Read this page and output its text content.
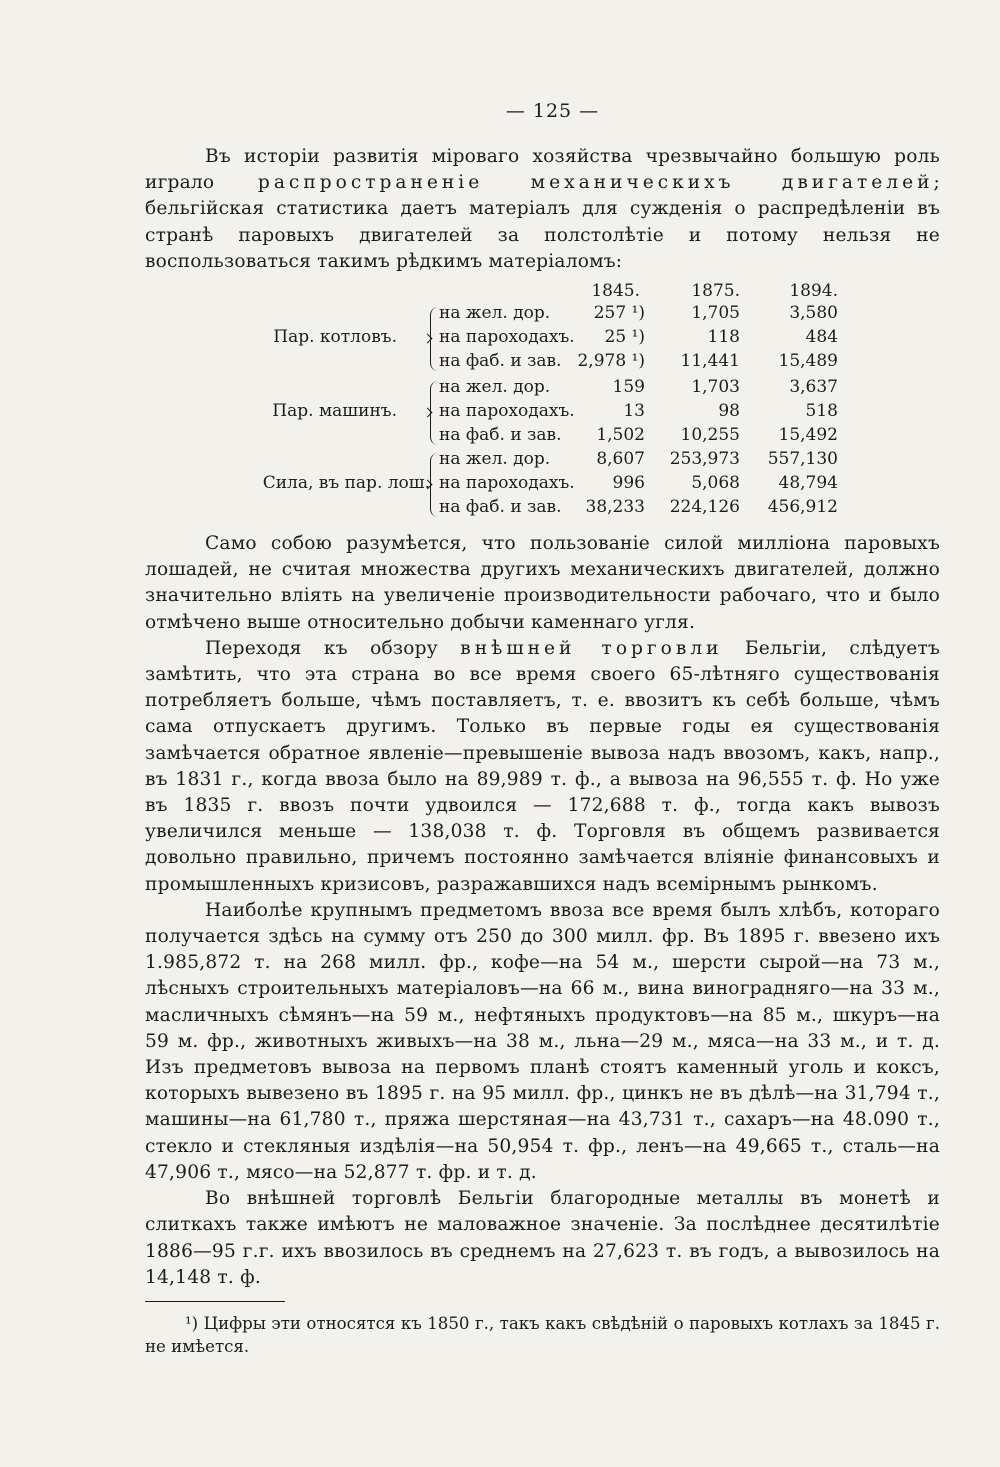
— 125 —

Въ исторіи развитія міроваго хозяйства чрезвычайно большую роль играло распространеніе механическихъ двигателей; бельгійская статистика даетъ матеріалъ для сужденія о распредѣленіи въ странѣ паровыхъ двигателей за полстолѣтіе и потому нельзя не воспользоваться такимъ рѣдкимъ матеріаломъ:

1845.	1875.	1894.
Пар. котловъ.
на жел. дор.	257 ¹)	1,705	3,580
на пароходахъ.	25 ¹)	118	484
на фаб. и зав. 2,978 ¹)	11,441	15,489
Пар. машинъ.
на жел. дор.	159	1,703	3,637
на пароходахъ.	13	98	518
на фаб. и зав.	1,502	10,255	15,492
Сила, въ пар. лош.
на жел. дор.	8,607	253,973	557,130
на пароходахъ.	996	5,068	48,794
на фаб. и зав.	38,233	224,126	456,912

Само собою разумѣется, что пользованіе силой милліона паровыхъ лошадей, не считая множества другихъ механическихъ двигателей, должно значительно вліять на увеличеніе производительности рабочаго, что и было отмѣчено выше относительно добычи каменнаго угля.

Переходя къ обзору внѣшней торговли Бельгіи, слѣдуетъ замѣтить, что эта страна во все время своего 65-лѣтняго существованія потребляетъ больше, чѣмъ поставляетъ, т. е. ввозитъ къ себѣ больше, чѣмъ сама отпускаетъ другимъ. Только въ первые годы ея существованія замѣчается обратное явленіе—превышеніе вывоза надъ ввозомъ, какъ, напр., въ 1831 г., когда ввоза было на 89,989 т. ф., а вывоза на 96,555 т. ф. Но уже въ 1835 г. ввозъ почти удвоился — 172,688 т. ф., тогда какъ вывозъ увеличился меньше — 138,038 т. ф. Торговля въ общемъ развивается довольно правильно, причемъ постоянно замѣчается вліяніе финансовыхъ и промышленныхъ кризисовъ, разражавшихся надъ всемірнымъ рынкомъ.

Наиболѣе крупнымъ предметомъ ввоза все время былъ хлѣбъ, котораго получается здѣсь на сумму отъ 250 до 300 милл. фр. Въ 1895 г. ввезено ихъ 1.985,872 т. на 268 милл. фр., кофе—на 54 м., шерсти сырой—на 73 м., лѣсныхъ строительныхъ матеріаловъ—на 66 м., вина виноградняго—на 33 м., масличныхъ сѣмянъ—на 59 м., нефтяныхъ продуктовъ—на 85 м., шкуръ—на 59 м. фр., животныхъ живыхъ—на 38 м., льна—29 м., мяса—на 33 м., и т. д. Изъ предметовъ вывоза на первомъ планѣ стоятъ каменный уголь и коксъ, которыхъ вывезено въ 1895 г. на 95 милл. фр., цинкъ не въ дѣлѣ—на 31,794 т., машины—на 61,780 т., пряжа шерстяная—на 43,731 т., сахаръ—на 48.090 т., стекло и стекляныя издѣлія—на 50,954 т. фр., ленъ—на 49,665 т., сталь—на 47,906 т., мясо—на 52,877 т. фр. и т. д.

Во внѣшней торговлѣ Бельгіи благородные металлы въ монетѣ и слиткахъ также имѣютъ не маловажное значеніе. За послѣднее десятилѣтіе 1886—95 г.г. ихъ ввозилось въ среднемъ на 27,623 т. въ годъ, а вывозилось на 14,148 т. ф.

¹) Цифры эти относятся къ 1850 г., такъ какъ свѣдѣній о паровыхъ котлахъ за 1845 г. не имѣется.
